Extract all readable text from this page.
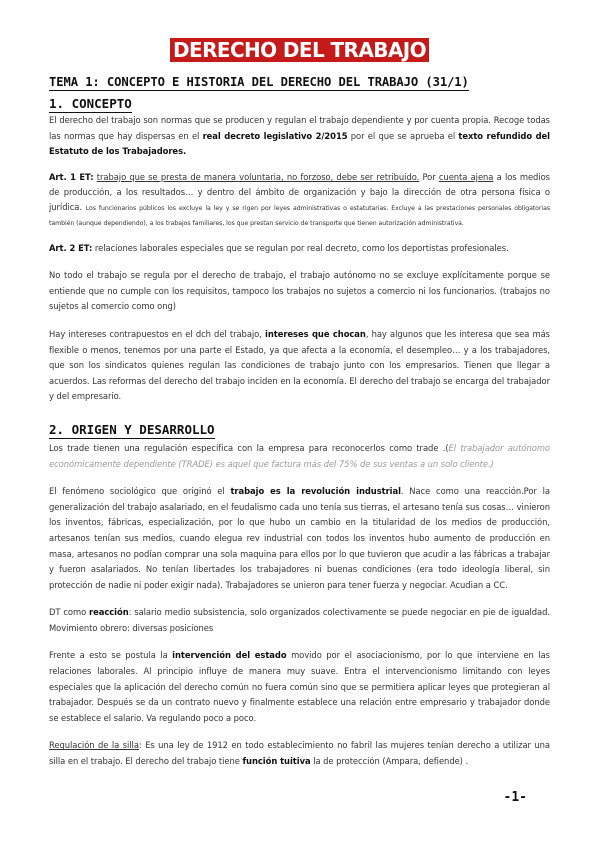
DERECHO DEL TRABAJO
TEMA 1: CONCEPTO E HISTORIA DEL DERECHO DEL TRABAJO (31/1)
1. CONCEPTO

El derecho del trabajo son normas que se producen y regulan el trabajo dependiente y por cuenta propia. Recoge todas las normas que hay dispersas en el real decreto legislativo 2/2015 por el que se aprueba el texto refundido del Estatuto de los Trabajadores.

Art. 1 ET: trabajo que se presta de manera voluntaria, no forzoso, debe ser retribuido. Por cuenta ajena a los medios de producción, a los resultados… y dentro del ámbito de organización y bajo la dirección de otra persona física o jurídica. Los funcionarios públicos los excluye la ley y se rigen por leyes administrativas o estatutarias. Excluye a las prestaciones personales obligatorias también (aunque dependiendo), a los trabajos familiares, los que prestan servicio de transporte que tienen autorización administrativa.

Art. 2 ET: relaciones laborales especiales que se regulan por real decreto, como los deportistas profesionales.

No todo el trabajo se regula por el derecho de trabajo, el trabajo autónomo no se excluye explícitamente porque se entiende que no cumple con los requisitos, tampoco los trabajos no sujetos a comercio ni los funcionarios. (trabajos no sujetos al comercio como ong)

Hay intereses contrapuestos en el dch del trabajo, intereses que chocan, hay algunos que les interesa que sea más flexible o menos, tenemos por una parte el Estado, ya que afecta a la economía, el desempleo… y a los trabajadores, que son los sindicatos quienes regulan las condiciones de trabajo junto con los empresarios. Tienen que llegar a acuerdos. Las reformas del derecho del trabajo inciden en la economía. El derecho del trabajo se encarga del trabajador y del empresario.

2. ORIGEN Y DESARROLLO

Los trade tienen una regulación específica con la empresa para reconocerlos como trade .(El trabajador autónomo económicamente dependiente (TRADE) es aquel que factura más del 75% de sus ventas a un solo cliente.)

El fenómeno sociológico que originó el trabajo es la revolución industrial. Nace como una reacción.Por la generalización del trabajo asalariado, en el feudalismo cada uno tenía sus tierras, el artesano tenía sus cosas… vinieron los inventos, fábricas, especialización, por lo que hubo un cambio en la titularidad de los medios de producción, artesanos tenían sus medios, cuando elegua rev industrial con todos los inventos hubo aumento de producción en masa, artesanos no podían comprar una sola maquina para ellos por lo que tuvieron que acudir a las fábricas a trabajar y fueron asalariados. No tenían libertades los trabajadores ni buenas condiciones (era todo ideología liberal, sin protección de nadie ni poder exigir nada). Trabajadores se unieron para tener fuerza y negociar. Acudian a CC.

DT como reacción: salario medio subsistencia, solo organizados colectivamente se puede negociar en pie de igualdad. Movimiento obrero: diversas posiciones

Frente a esto se postula la intervención del estado movido por el asociacionismo, por lo que interviene en las relaciones laborales. Al principio influye de manera muy suave. Entra el intervencionismo limitando con leyes especiales que la aplicación del derecho común no fuera común sino que se permitiera aplicar leyes que protegieran al trabajador. Después se da un contrato nuevo y finalmente establece una relación entre empresario y trabajador donde se establece el salario. Va regulando poco a poco.

Regulación de la silla: Es una ley de 1912 en todo establecimiento no fabril las mujeres tenían derecho a utilizar una silla en el trabajo. El derecho del trabajo tiene función tuitiva la de protección (Ampara, defiende) .

-1-
